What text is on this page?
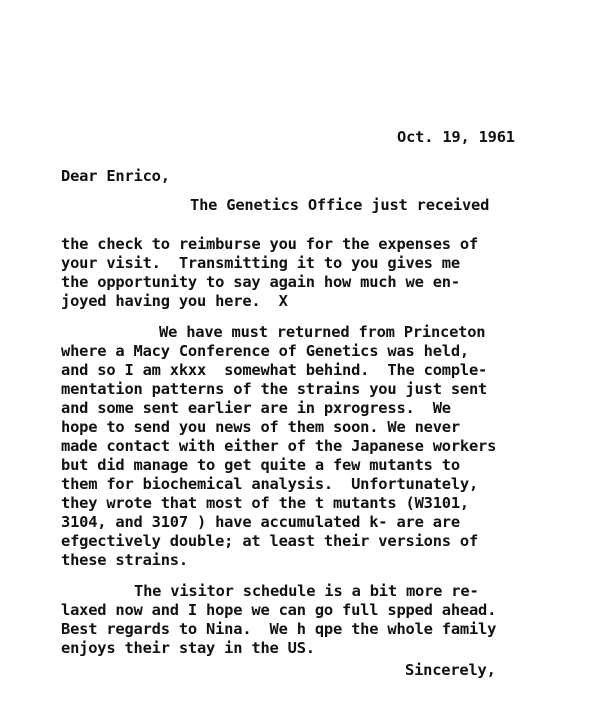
Oct. 19, 1961
Dear Enrico,
The Genetics Office just received
the check to reimburse you for the expenses of
your visit.  Transmitting it to you gives me
the opportunity to say again how much we en-
joyed having you here.  X
We have must returned from Princeton
where a Macy Conference of Genetics was held,
and so I am xkxx  somewhat behind.  The comple-
mentation patterns of the strains you just sent
and some sent earlier are in pxrogress.  We
hope to send you news of them soon. We never
made contact with either of the Japanese workers
but did manage to get quite a few mutants to
them for biochemical analysis.  Unfortunately,
they wrote that most of the t mutants (W3101,
3104, and 3107 ) have accumulated k- are are
efgectively double; at least their versions of
these strains.
The visitor schedule is a bit more re-
laxed now and I hope we can go full spped ahead.
Best regards to Nina.  We h qpe the whole family
enjoys their stay in the US.
Sincerely,
